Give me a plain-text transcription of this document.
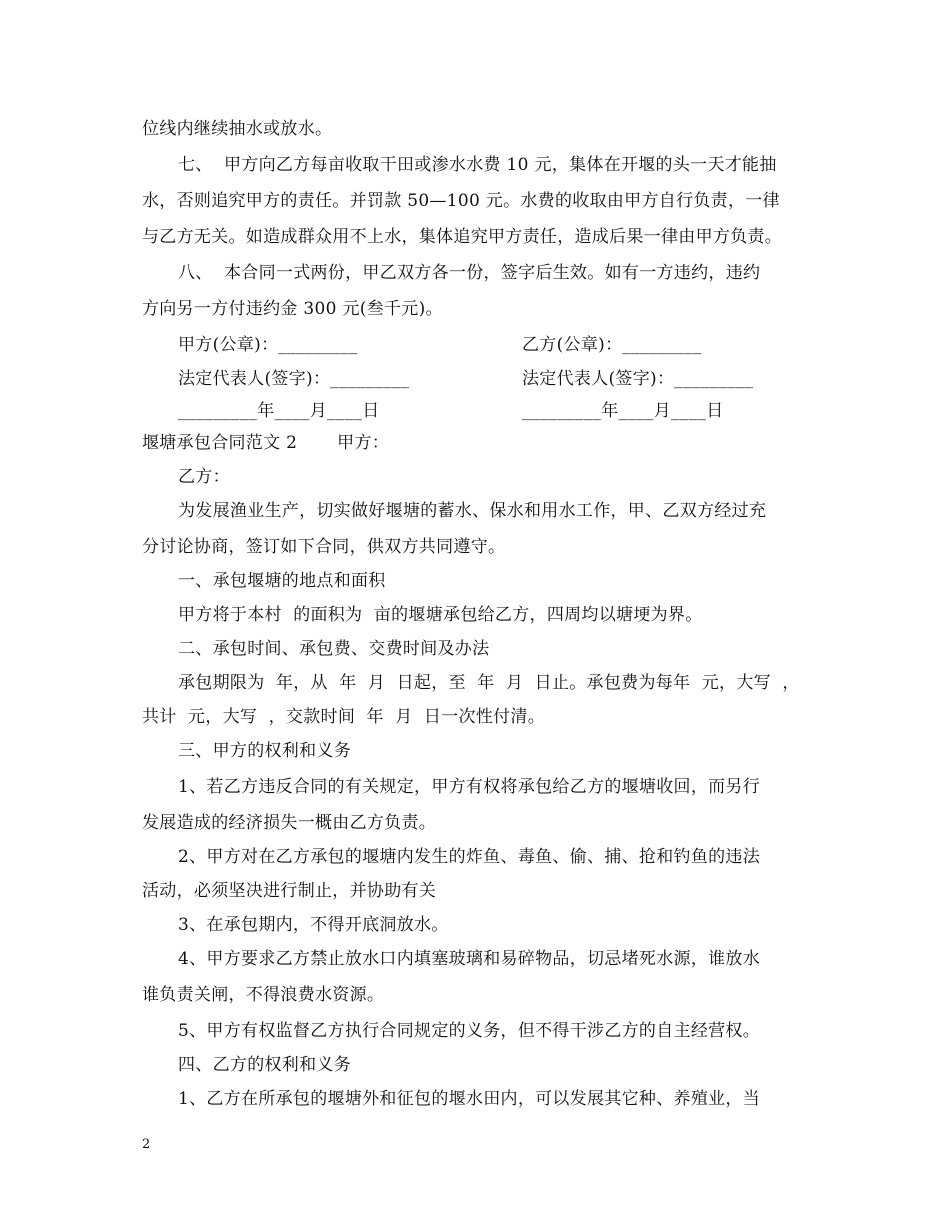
位线内继续抽水或放水。
七、  甲方向乙方每亩收取干田或渗水水费 10 元，集体在开堰的头一天才能抽
水，否则追究甲方的责任。并罚款 50—100 元。水费的收取由甲方自行负责，一律
与乙方无关。如造成群众用不上水，集体追究甲方责任，造成后果一律由甲方负责。
八、  本合同一式两份，甲乙双方各一份，签字后生效。如有一方违约，违约
方向另一方付违约金 300 元(叁千元)。
甲方(公章)：_________	乙方(公章)：_________
法定代表人(签字)：_________	法定代表人(签字)：_________
_________年____月____日	_________年____月____日
堰塘承包合同范文 2       甲方：
乙方：
为发展渔业生产，切实做好堰塘的蓄水、保水和用水工作，甲、乙双方经过充
分讨论协商，签订如下合同，供双方共同遵守。
一、承包堰塘的地点和面积
甲方将于本村  的面积为  亩的堰塘承包给乙方，四周均以塘埂为界。
二、承包时间、承包费、交费时间及办法
承包期限为  年，从  年  月  日起，至  年  月  日止。承包费为每年  元，大写  ，
共计  元，大写  ，交款时间  年  月  日一次性付清。
三、甲方的权利和义务
1、若乙方违反合同的有关规定，甲方有权将承包给乙方的堰塘收回，而另行
发展造成的经济损失一概由乙方负责。
2、甲方对在乙方承包的堰塘内发生的炸鱼、毒鱼、偷、捕、抢和钓鱼的违法
活动，必须坚决进行制止，并协助有关
3、在承包期内，不得开底洞放水。
4、甲方要求乙方禁止放水口内填塞玻璃和易碎物品，切忌堵死水源，谁放水
谁负责关闸，不得浪费水资源。
5、甲方有权监督乙方执行合同规定的义务，但不得干涉乙方的自主经营权。
四、乙方的权利和义务
1、乙方在所承包的堰塘外和征包的堰水田内，可以发展其它种、养殖业，当
2
